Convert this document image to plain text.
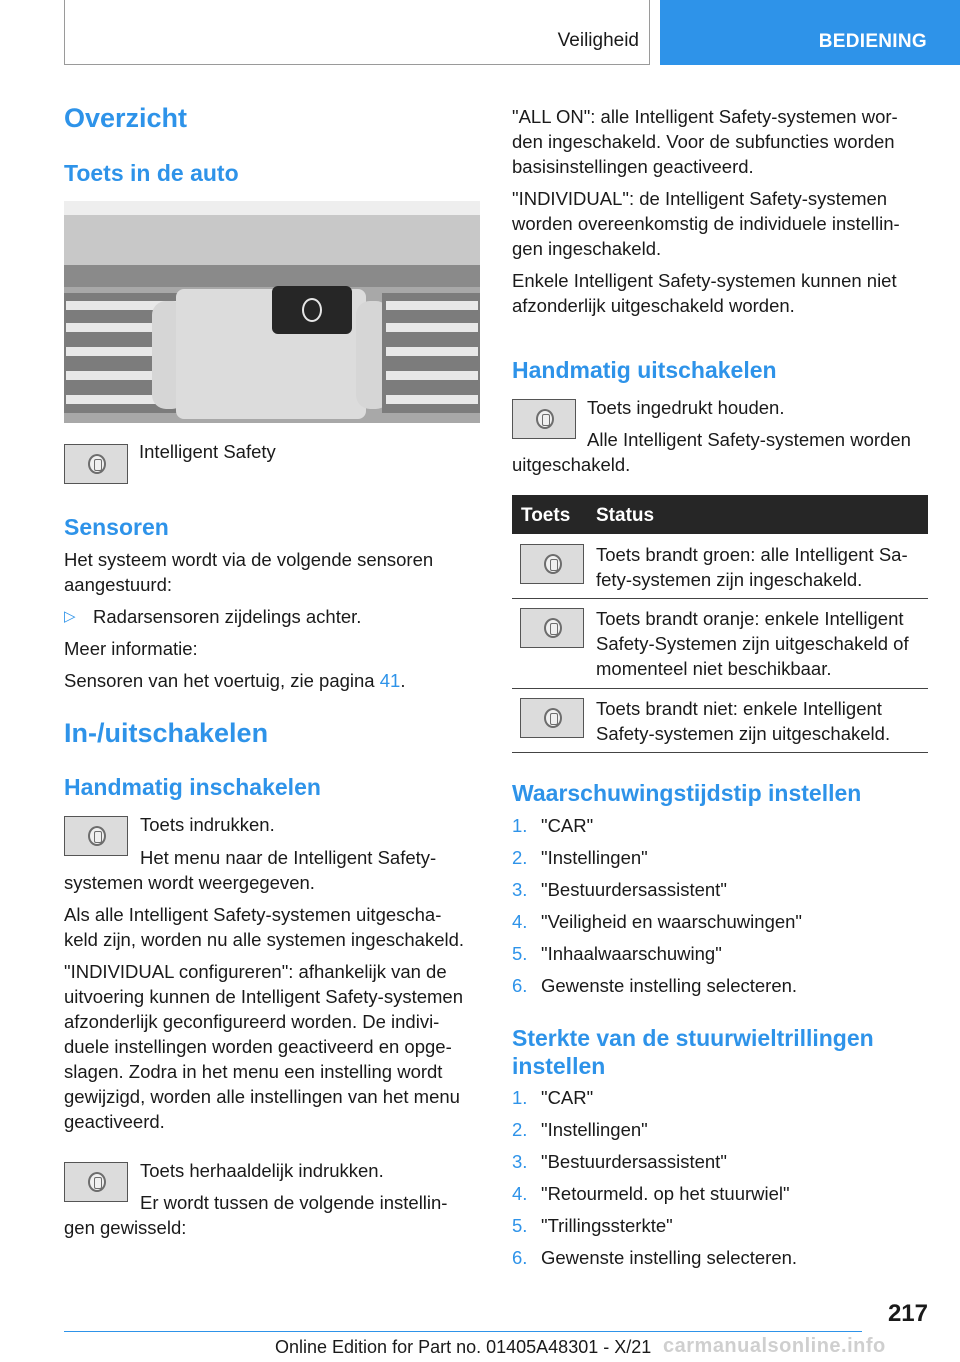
Veiligheid	BEDIENING
Overzicht
Toets in de auto
Intelligent Safety
Sensoren
Het systeem wordt via de volgende sensoren
aangestuurd:
▷ Radarsensoren zijdelings achter.
Meer informatie:
Sensoren van het voertuig, zie pagina 41.
In-/uitschakelen
Handmatig inschakelen
Toets indrukken.
Het menu naar de Intelligent Safety-
systemen wordt weergegeven.
Als alle Intelligent Safety-systemen uitgescha-
keld zijn, worden nu alle systemen ingeschakeld.
"INDIVIDUAL configureren": afhankelijk van de
uitvoering kunnen de Intelligent Safety-systemen
afzonderlijk geconfigureerd worden. De indivi-
duele instellingen worden geactiveerd en opge-
slagen. Zodra in het menu een instelling wordt
gewijzigd, worden alle instellingen van het menu
geactiveerd.
Toets herhaaldelijk indrukken.
Er wordt tussen de volgende instellin-
gen gewisseld:
"ALL ON": alle Intelligent Safety-systemen wor-
den ingeschakeld. Voor de subfuncties worden
basisinstellingen geactiveerd.
"INDIVIDUAL": de Intelligent Safety-systemen
worden overeenkomstig de individuele instellin-
gen ingeschakeld.
Enkele Intelligent Safety-systemen kunnen niet
afzonderlijk uitgeschakeld worden.
Handmatig uitschakelen
Toets ingedrukt houden.
Alle Intelligent Safety-systemen worden
uitgeschakeld.
Toets Status
Toets brandt groen: alle Intelligent Sa-
fety-systemen zijn ingeschakeld.
Toets brandt oranje: enkele Intelligent
Safety-Systemen zijn uitgeschakeld of
momenteel niet beschikbaar.
Toets brandt niet: enkele Intelligent
Safety-systemen zijn uitgeschakeld.
Waarschuwingstijdstip instellen
1. "CAR"
2. "Instellingen"
3. "Bestuurdersassistent"
4. "Veiligheid en waarschuwingen"
5. "Inhaalwaarschuwing"
6. Gewenste instelling selecteren.
Sterkte van de stuurwieltrillingen
instellen
1. "CAR"
2. "Instellingen"
3. "Bestuurdersassistent"
4. "Retourmeld. op het stuurwiel"
5. "Trillingssterkte"
6. Gewenste instelling selecteren.
217
Online Edition for Part no. 01405A48301 - X/21 carmanualsonline.info
